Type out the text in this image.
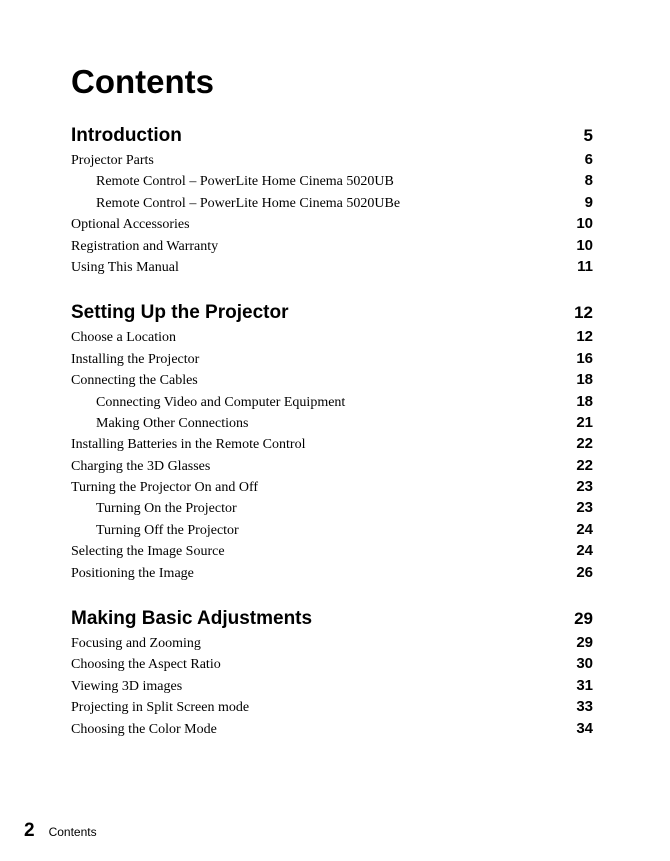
Contents
Introduction	5
Projector Parts	6
Remote Control – PowerLite Home Cinema 5020UB	8
Remote Control – PowerLite Home Cinema 5020UBe	9
Optional Accessories	10
Registration and Warranty	10
Using This Manual	11
Setting Up the Projector	12
Choose a Location	12
Installing the Projector	16
Connecting the Cables	18
Connecting Video and Computer Equipment	18
Making Other Connections	21
Installing Batteries in the Remote Control	22
Charging the 3D Glasses	22
Turning the Projector On and Off	23
Turning On the Projector	23
Turning Off the Projector	24
Selecting the Image Source	24
Positioning the Image	26
Making Basic Adjustments	29
Focusing and Zooming	29
Choosing the Aspect Ratio	30
Viewing 3D images	31
Projecting in Split Screen mode	33
Choosing the Color Mode	34
2 Contents
